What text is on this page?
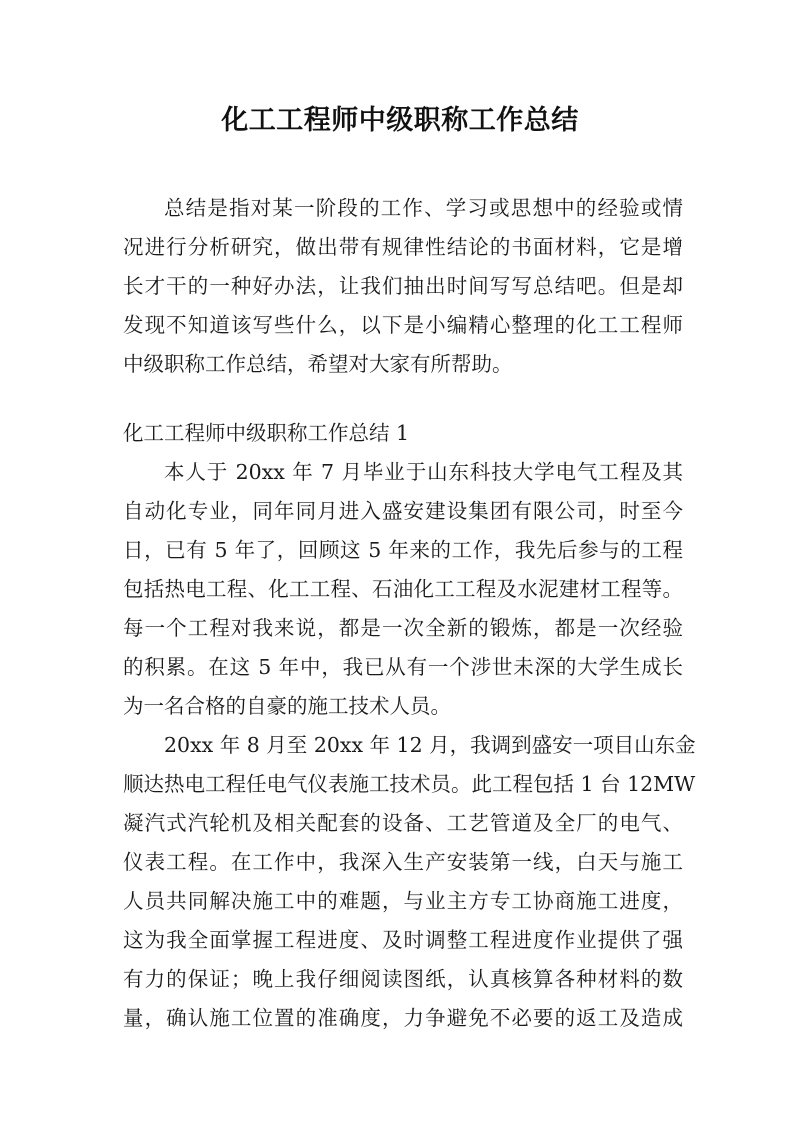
化工工程师中级职称工作总结
总结是指对某一阶段的工作、学习或思想中的经验或情
况进行分析研究，做出带有规律性结论的书面材料，它是增
长才干的一种好办法，让我们抽出时间写写总结吧。但是却
发现不知道该写些什么，以下是小编精心整理的化工工程师
中级职称工作总结，希望对大家有所帮助。
化工工程师中级职称工作总结 1
本人于 20xx 年 7 月毕业于山东科技大学电气工程及其
自动化专业，同年同月进入盛安建设集团有限公司，时至今
日，已有 5 年了，回顾这 5 年来的工作，我先后参与的工程
包括热电工程、化工工程、石油化工工程及水泥建材工程等。
每一个工程对我来说，都是一次全新的锻炼，都是一次经验
的积累。在这 5 年中，我已从有一个涉世未深的大学生成长
为一名合格的自豪的施工技术人员。
20xx 年 8 月至 20xx 年 12 月，我调到盛安一项目山东金
顺达热电工程任电气仪表施工技术员。此工程包括 1 台 12MW
凝汽式汽轮机及相关配套的设备、工艺管道及全厂的电气、
仪表工程。在工作中，我深入生产安装第一线，白天与施工
人员共同解决施工中的难题，与业主方专工协商施工进度，
这为我全面掌握工程进度、及时调整工程进度作业提供了强
有力的保证；晚上我仔细阅读图纸，认真核算各种材料的数
量，确认施工位置的准确度，力争避免不必要的返工及造成
